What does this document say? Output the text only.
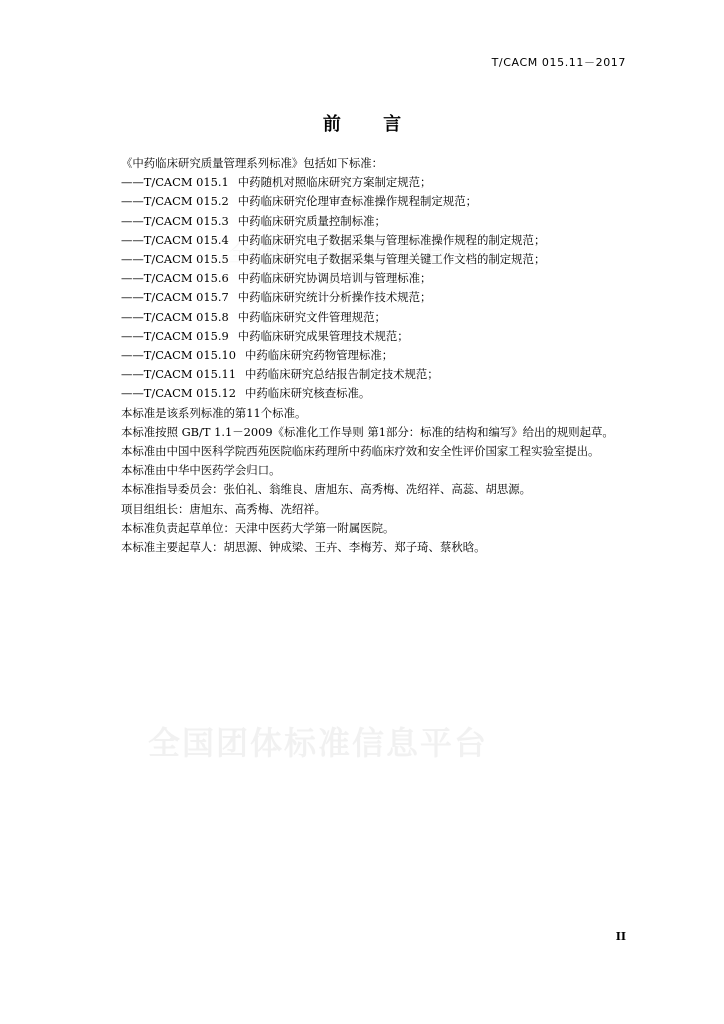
T/CACM 015.11－2017
前 言

《中药临床研究质量管理系列标准》包括如下标准：

——T/CACM 015.1 中药随机对照临床研究方案制定规范；

——T/CACM 015.2 中药临床研究伦理审查标准操作规程制定规范；

——T/CACM 015.3 中药临床研究质量控制标准；

——T/CACM 015.4 中药临床研究电子数据采集与管理标准操作规程的制定规范；

——T/CACM 015.5 中药临床研究电子数据采集与管理关键工作文档的制定规范；

——T/CACM 015.6 中药临床研究协调员培训与管理标准；

——T/CACM 015.7 中药临床研究统计分析操作技术规范；

——T/CACM 015.8 中药临床研究文件管理规范；

——T/CACM 015.9 中药临床研究成果管理技术规范；

——T/CACM 015.10 中药临床研究药物管理标准；

——T/CACM 015.11 中药临床研究总结报告制定技术规范；

——T/CACM 015.12 中药临床研究核查标准。

本标准是该系列标准的第11个标准。

本标准按照 GB/T 1.1－2009《标准化工作导则 第1部分：标准的结构和编写》给出的规则起草。

本标准由中国中医科学院西苑医院临床药理所中药临床疗效和安全性评价国家工程实验室提出。

本标准由中华中医药学会归口。

本标准指导委员会：张伯礼、翁维良、唐旭东、高秀梅、冼绍祥、高蕊、胡思源。

项目组组长：唐旭东、高秀梅、冼绍祥。

本标准负责起草单位：天津中医药大学第一附属医院。

本标准主要起草人：胡思源、钟成梁、王卉、李梅芳、郑子琦、蔡秋晗。

全国团体标准信息平台
II
